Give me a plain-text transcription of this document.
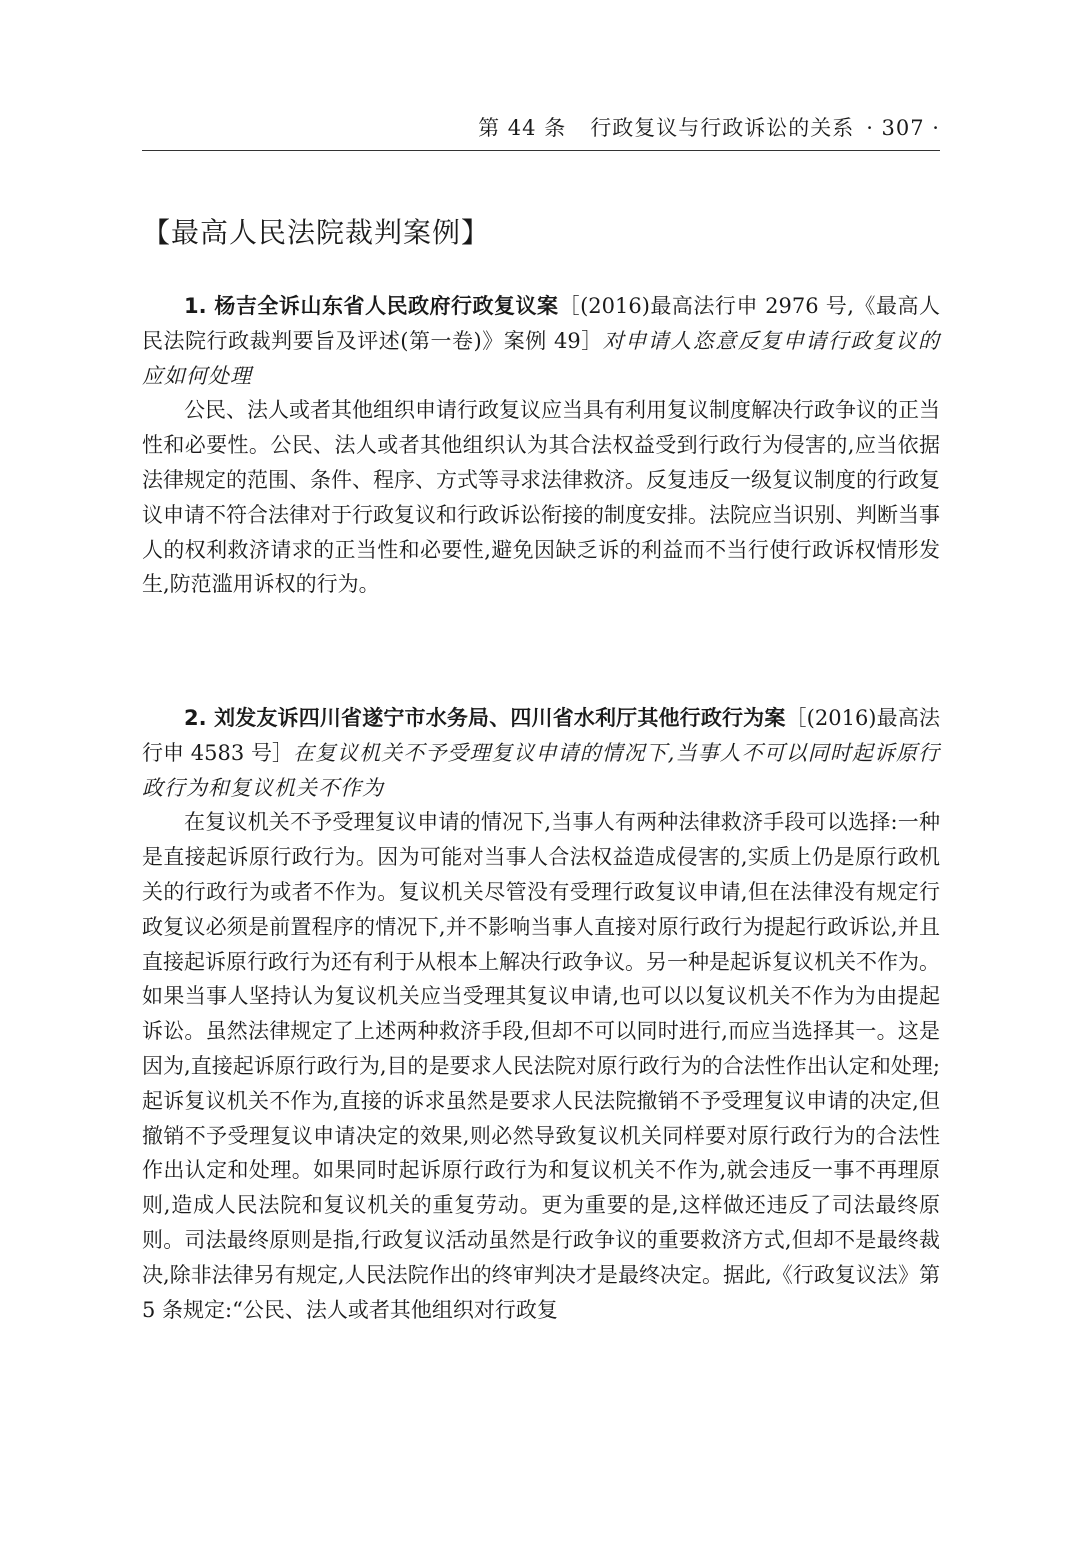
第 44 条 行政复议与行政诉讼的关系 · 307 ·
【最高人民法院裁判案例】

1. 杨吉全诉山东省人民政府行政复议案［(2016)最高法行申 2976 号,《最高人民法院行政裁判要旨及评述(第一卷)》案例 49］对申请人恣意反复申请行政复议的应如何处理

公民、法人或者其他组织申请行政复议应当具有利用复议制度解决行政争议的正当性和必要性。公民、法人或者其他组织认为其合法权益受到行政行为侵害的,应当依据法律规定的范围、条件、程序、方式等寻求法律救济。反复违反一级复议制度的行政复议申请不符合法律对于行政复议和行政诉讼衔接的制度安排。法院应当识别、判断当事人的权利救济请求的正当性和必要性,避免因缺乏诉的利益而不当行使行政诉权情形发生,防范滥用诉权的行为。

2. 刘发友诉四川省遂宁市水务局、四川省水利厅其他行政行为案［(2016)最高法行申 4583 号］在复议机关不予受理复议申请的情况下,当事人不可以同时起诉原行政行为和复议机关不作为

在复议机关不予受理复议申请的情况下,当事人有两种法律救济手段可以选择:一种是直接起诉原行政行为。因为可能对当事人合法权益造成侵害的,实质上仍是原行政机关的行政行为或者不作为。复议机关尽管没有受理行政复议申请,但在法律没有规定行政复议必须是前置程序的情况下,并不影响当事人直接对原行政行为提起行政诉讼,并且直接起诉原行政行为还有利于从根本上解决行政争议。另一种是起诉复议机关不作为。如果当事人坚持认为复议机关应当受理其复议申请,也可以以复议机关不作为为由提起诉讼。虽然法律规定了上述两种救济手段,但却不可以同时进行,而应当选择其一。这是因为,直接起诉原行政行为,目的是要求人民法院对原行政行为的合法性作出认定和处理;起诉复议机关不作为,直接的诉求虽然是要求人民法院撤销不予受理复议申请的决定,但撤销不予受理复议申请决定的效果,则必然导致复议机关同样要对原行政行为的合法性作出认定和处理。如果同时起诉原行政行为和复议机关不作为,就会违反一事不再理原则,造成人民法院和复议机关的重复劳动。更为重要的是,这样做还违反了司法最终原则。司法最终原则是指,行政复议活动虽然是行政争议的重要救济方式,但却不是最终裁决,除非法律另有规定,人民法院作出的终审判决才是最终决定。据此,《行政复议法》第 5 条规定:“公民、法人或者其他组织对行政复
